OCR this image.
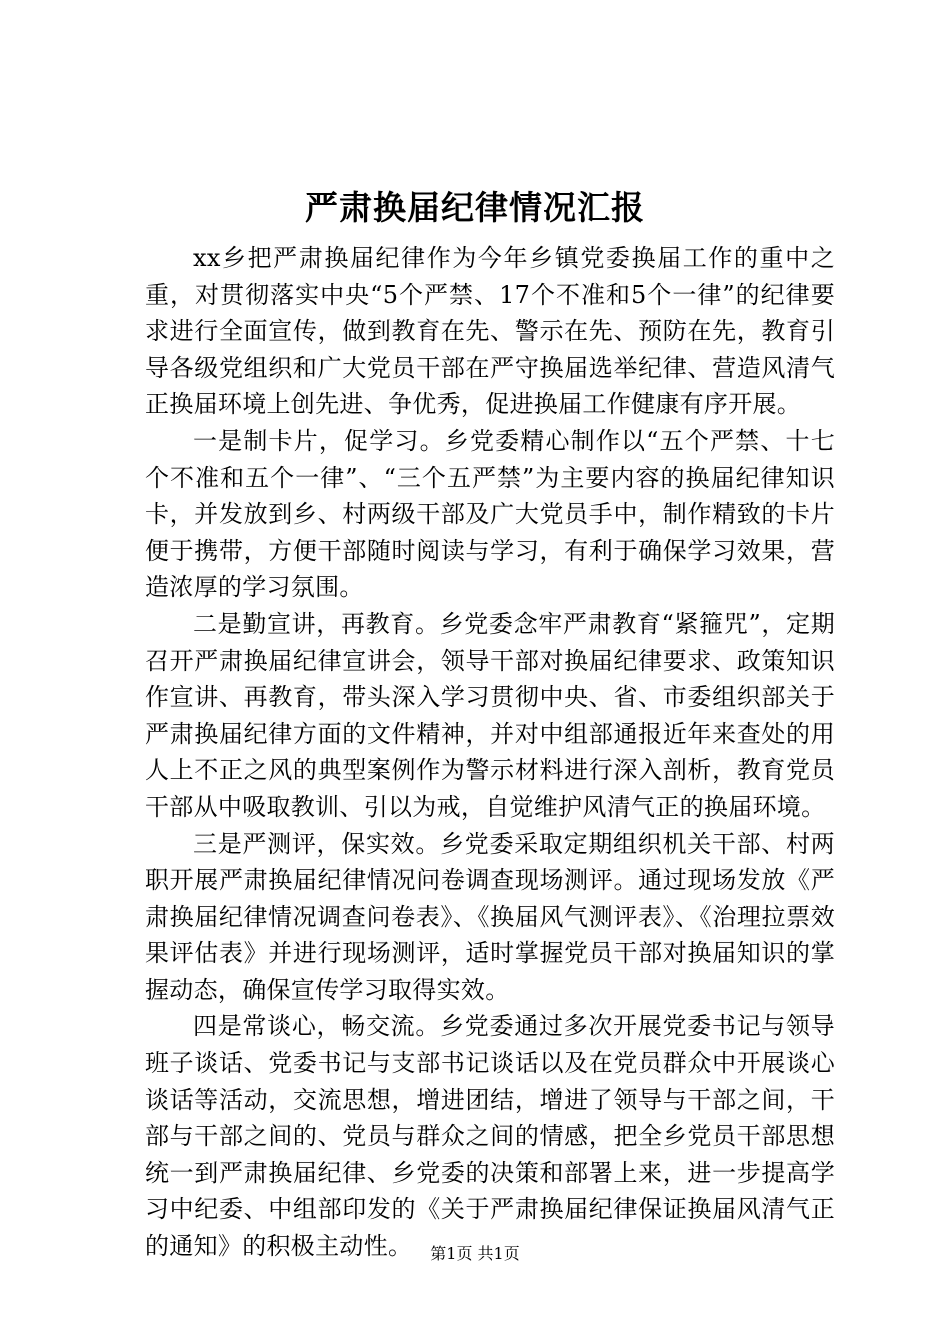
严肃换届纪律情况汇报

xx乡把严肃换届纪律作为今年乡镇党委换届工作的重中之重，对贯彻落实中央“5个严禁、17个不准和5个一律”的纪律要求进行全面宣传，做到教育在先、警示在先、预防在先，教育引导各级党组织和广大党员干部在严守换届选举纪律、营造风清气正换届环境上创先进、争优秀，促进换届工作健康有序开展。

一是制卡片，促学习。乡党委精心制作以“五个严禁、十七个不准和五个一律”、“三个五严禁”为主要内容的换届纪律知识卡，并发放到乡、村两级干部及广大党员手中，制作精致的卡片便于携带，方便干部随时阅读与学习，有利于确保学习效果，营造浓厚的学习氛围。

二是勤宣讲，再教育。乡党委念牢严肃教育“紧箍咒”，定期召开严肃换届纪律宣讲会，领导干部对换届纪律要求、政策知识作宣讲、再教育，带头深入学习贯彻中央、省、市委组织部关于严肃换届纪律方面的文件精神，并对中组部通报近年来查处的用人上不正之风的典型案例作为警示材料进行深入剖析，教育党员干部从中吸取教训、引以为戒，自觉维护风清气正的换届环境。

三是严测评，保实效。乡党委采取定期组织机关干部、村两职开展严肃换届纪律情况问卷调查现场测评。通过现场发放《严肃换届纪律情况调查问卷表》、《换届风气测评表》、《治理拉票效果评估表》并进行现场测评，适时掌握党员干部对换届知识的掌握动态，确保宣传学习取得实效。

四是常谈心，畅交流。乡党委通过多次开展党委书记与领导班子谈话、党委书记与支部书记谈话以及在党员群众中开展谈心谈话等活动，交流思想，增进团结，增进了领导与干部之间，干部与干部之间的、党员与群众之间的情感，把全乡党员干部思想统一到严肃换届纪律、乡党委的决策和部署上来，进一步提高学习中纪委、中组部印发的《关于严肃换届纪律保证换届风清气正的通知》的积极主动性。	第1页 共1页
